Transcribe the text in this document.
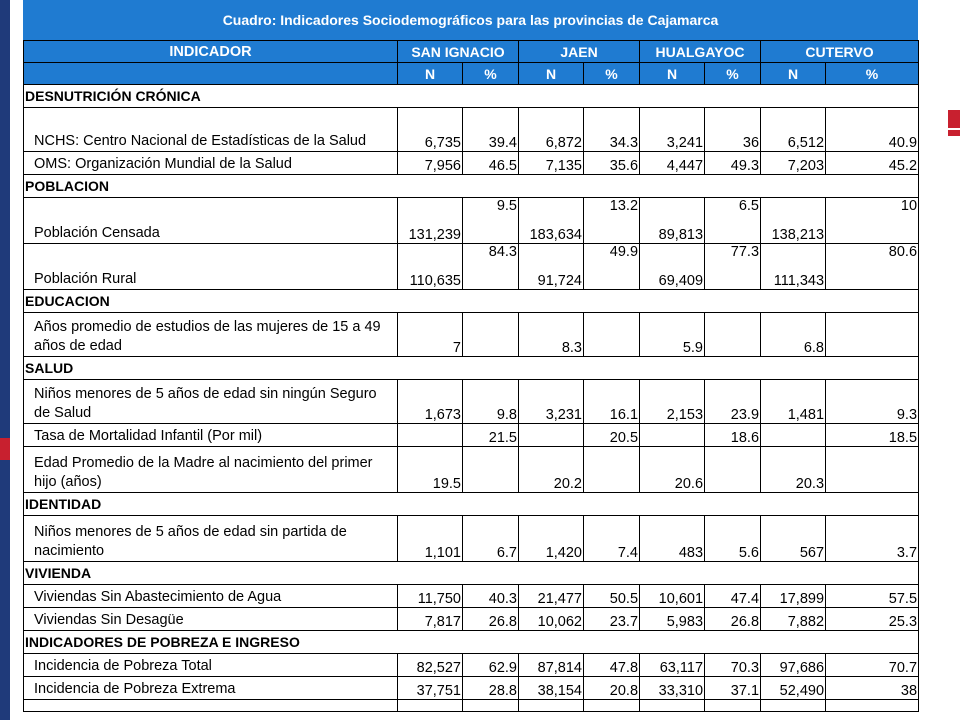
Cuadro: Indicadores Sociodemográficos para las provincias de Cajamarca
INDICADOR	SAN IGNACIO		JAEN		HUALGAYOC		CUTERVO	
	N	%	N	%	N	%	N	%
DESNUTRICIÓN CRÓNICA								
NCHS: Centro Nacional de Estadísticas de la Salud	6,735	39.4	6,872	34.3	3,241	36	6,512	40.9
OMS: Organización Mundial de la Salud	7,956	46.5	7,135	35.6	4,447	49.3	7,203	45.2
POBLACION								
Población Censada	131,239	9.5	183,634	13.2	89,813	6.5	138,213	10
Población Rural	110,635	84.3	91,724	49.9	69,409	77.3	111,343	80.6
EDUCACION								
Años promedio de estudios de las mujeres de 15 a 49 años de edad	7		8.3		5.9		6.8	
SALUD								
Niños menores de 5 años de edad sin ningún Seguro de Salud	1,673	9.8	3,231	16.1	2,153	23.9	1,481	9.3
Tasa de Mortalidad Infantil (Por mil)		21.5		20.5		18.6		18.5
Edad Promedio de la Madre al nacimiento del primer hijo (años)	19.5		20.2		20.6		20.3	
IDENTIDAD								
Niños menores de 5 años de edad sin partida de nacimiento	1,101	6.7	1,420	7.4	483	5.6	567	3.7
VIVIENDA								
Viviendas Sin Abastecimiento de Agua	11,750	40.3	21,477	50.5	10,601	47.4	17,899	57.5
Viviendas Sin Desagüe	7,817	26.8	10,062	23.7	5,983	26.8	7,882	25.3
INDICADORES DE POBREZA E INGRESO								
Incidencia de Pobreza Total	82,527	62.9	87,814	47.8	63,117	70.3	97,686	70.7
Incidencia de Pobreza Extrema	37,751	28.8	38,154	20.8	33,310	37.1	52,490	38
